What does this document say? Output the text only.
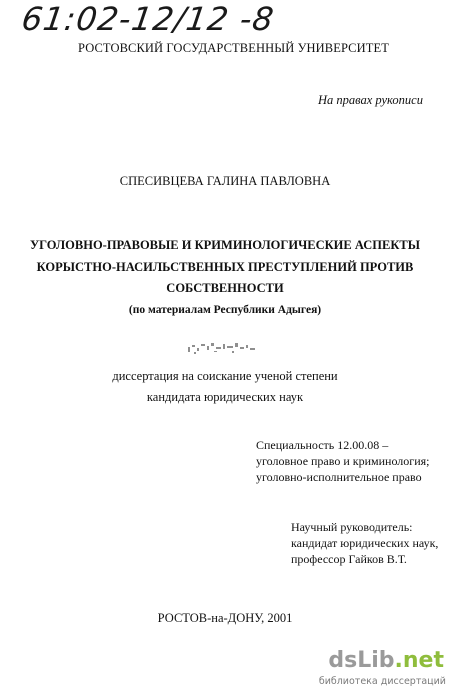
61:02-12/12 -8
РОСТОВСКИЙ ГОСУДАРСТВЕННЫЙ УНИВЕРСИТЕТ
На правах рукописи
СПЕСИВЦЕВА ГАЛИНА ПАВЛОВНА
УГОЛОВНО-ПРАВОВЫЕ И КРИМИНОЛОГИЧЕСКИЕ АСПЕКТЫ
КОРЫСТНО-НАСИЛЬСТВЕННЫХ ПРЕСТУПЛЕНИЙ ПРОТИВ
СОБСТВЕННОСТИ
(по материалам Республики Адыгея)
диссертация на соискание ученой степени
кандидата юридических наук
Специальность 12.00.08 –
уголовное право и криминология;
уголовно-исполнительное право
Научный руководитель:
кандидат юридических наук,
профессор Гайков В.Т.
РОСТОВ-на-ДОНУ, 2001
dsLib.net
библиотека диссертаций
